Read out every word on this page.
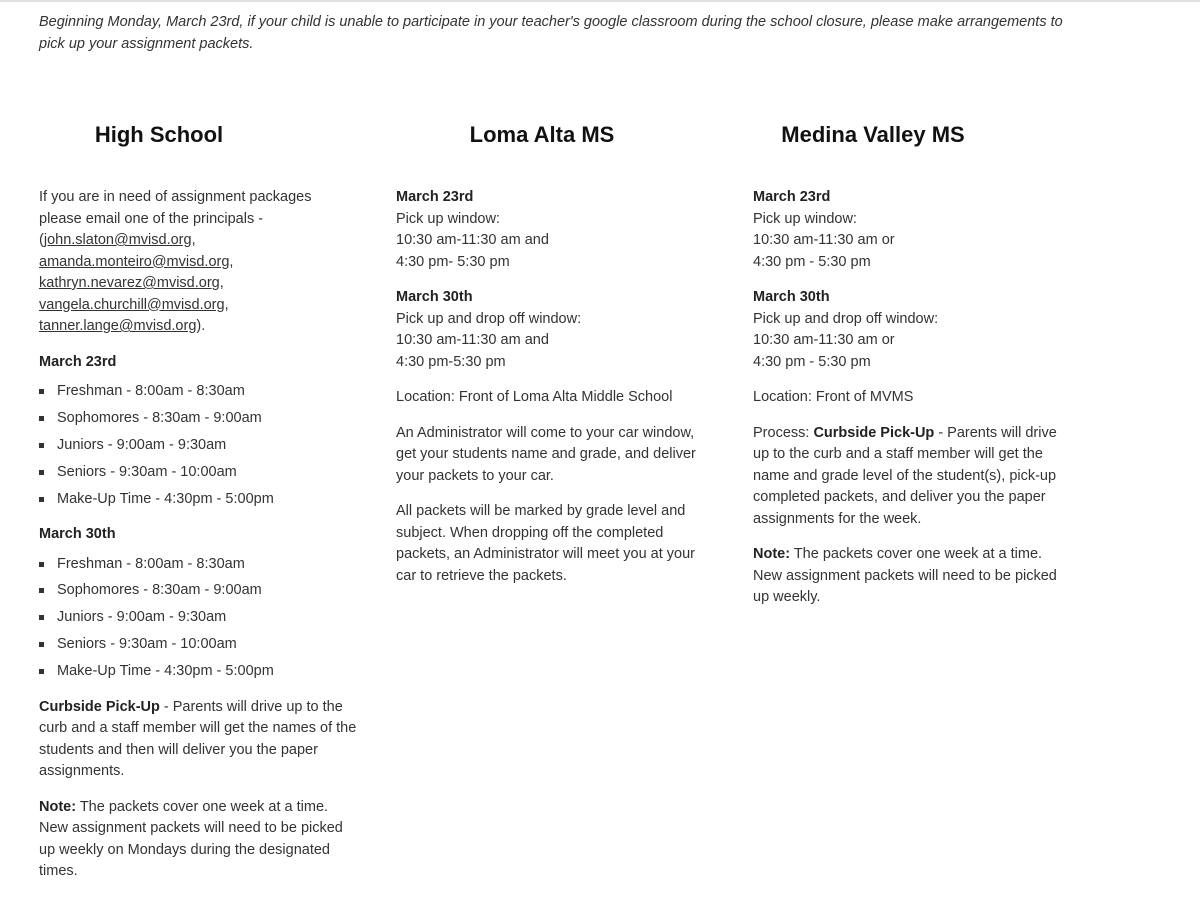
Beginning Monday, March 23rd, if your child is unable to participate in your teacher's google classroom during the school closure, please make arrangements to pick up your assignment packets.

High School

If you are in need of assignment packages please email one of the principals - (john.slaton@mvisd.org, amanda.monteiro@mvisd.org, kathryn.nevarez@mvisd.org, vangela.churchill@mvisd.org, tanner.lange@mvisd.org).

March 23rd

Freshman - 8:00am - 8:30am
Sophomores - 8:30am - 9:00am
Juniors - 9:00am - 9:30am
Seniors - 9:30am - 10:00am
Make-Up Time - 4:30pm - 5:00pm

March 30th

Freshman - 8:00am - 8:30am
Sophomores - 8:30am - 9:00am
Juniors - 9:00am - 9:30am
Seniors - 9:30am - 10:00am
Make-Up Time - 4:30pm - 5:00pm

Curbside Pick-Up - Parents will drive up to the curb and a staff member will get the names of the students and then will deliver you the paper assignments.

Note: The packets cover one week at a time. New assignment packets will need to be picked up weekly on Mondays during the designated times.

Loma Alta MS

March 23rd
Pick up window:
10:30 am-11:30 am and
4:30 pm- 5:30 pm

March 30th
Pick up and drop off window:
10:30 am-11:30 am and
4:30 pm-5:30 pm

Location: Front of Loma Alta Middle School

An Administrator will come to your car window, get your students name and grade, and deliver your packets to your car.

All packets will be marked by grade level and subject. When dropping off the completed packets, an Administrator will meet you at your car to retrieve the packets.

Medina Valley MS

March 23rd
Pick up window:
10:30 am-11:30 am or
4:30 pm - 5:30 pm

March 30th
Pick up and drop off window:
10:30 am-11:30 am or
4:30 pm - 5:30 pm

Location: Front of MVMS

Process: Curbside Pick-Up - Parents will drive up to the curb and a staff member will get the name and grade level of the student(s), pick-up completed packets, and deliver you the paper assignments for the week.

Note: The packets cover one week at a time. New assignment packets will need to be picked up weekly.
